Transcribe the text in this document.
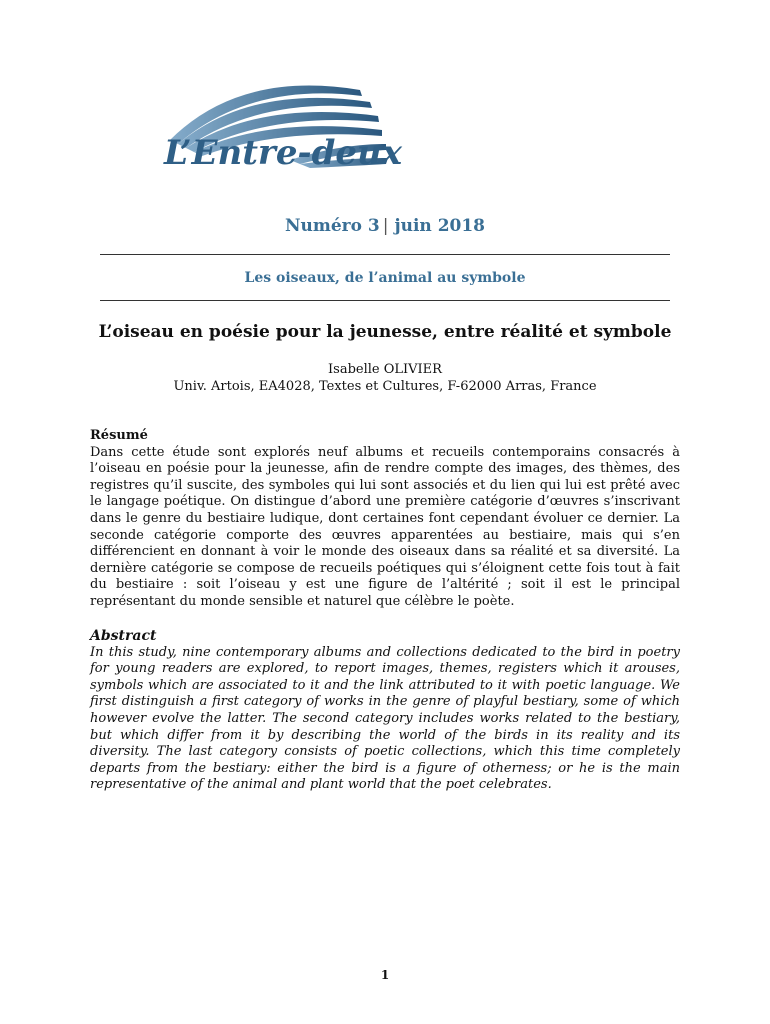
L’Entre-deux
Numéro 3 | juin 2018
Les oiseaux, de l’animal au symbole
L’oiseau en poésie pour la jeunesse, entre réalité et symbole
Isabelle OLIVIER
Univ. Artois, EA4028, Textes et Cultures, F-62000 Arras, France
Résumé

Dans cette étude sont explorés neuf albums et recueils contemporains consacrés à l’oiseau en poésie pour la jeunesse, afin de rendre compte des images, des thèmes, des registres qu’il suscite, des symboles qui lui sont associés et du lien qui lui est prêté avec le langage poétique. On distingue d’abord une première catégorie d’œuvres s’inscrivant dans le genre du bestiaire ludique, dont certaines font cependant évoluer ce dernier. La seconde catégorie comporte des œuvres apparentées au bestiaire, mais qui s’en différencient en donnant à voir le monde des oiseaux dans sa réalité et sa diversité. La dernière catégorie se compose de recueils poétiques qui s’éloignent cette fois tout à fait du bestiaire : soit l’oiseau y est une figure de l’altérité ; soit il est le principal représentant du monde sensible et naturel que célèbre le poète.

Abstract

In this study, nine contemporary albums and collections dedicated to the bird in poetry for young readers are explored, to report images, themes, registers which it arouses, symbols which are associated to it and the link attributed to it with poetic language. We first distinguish a first category of works in the genre of playful bestiary, some of which however evolve the latter. The second category includes works related to the bestiary, but which differ from it by describing the world of the birds in its reality and its diversity. The last category consists of poetic collections, which this time completely departs from the bestiary: either the bird is a figure of otherness; or he is the main representative of the animal and plant world that the poet celebrates.

1
